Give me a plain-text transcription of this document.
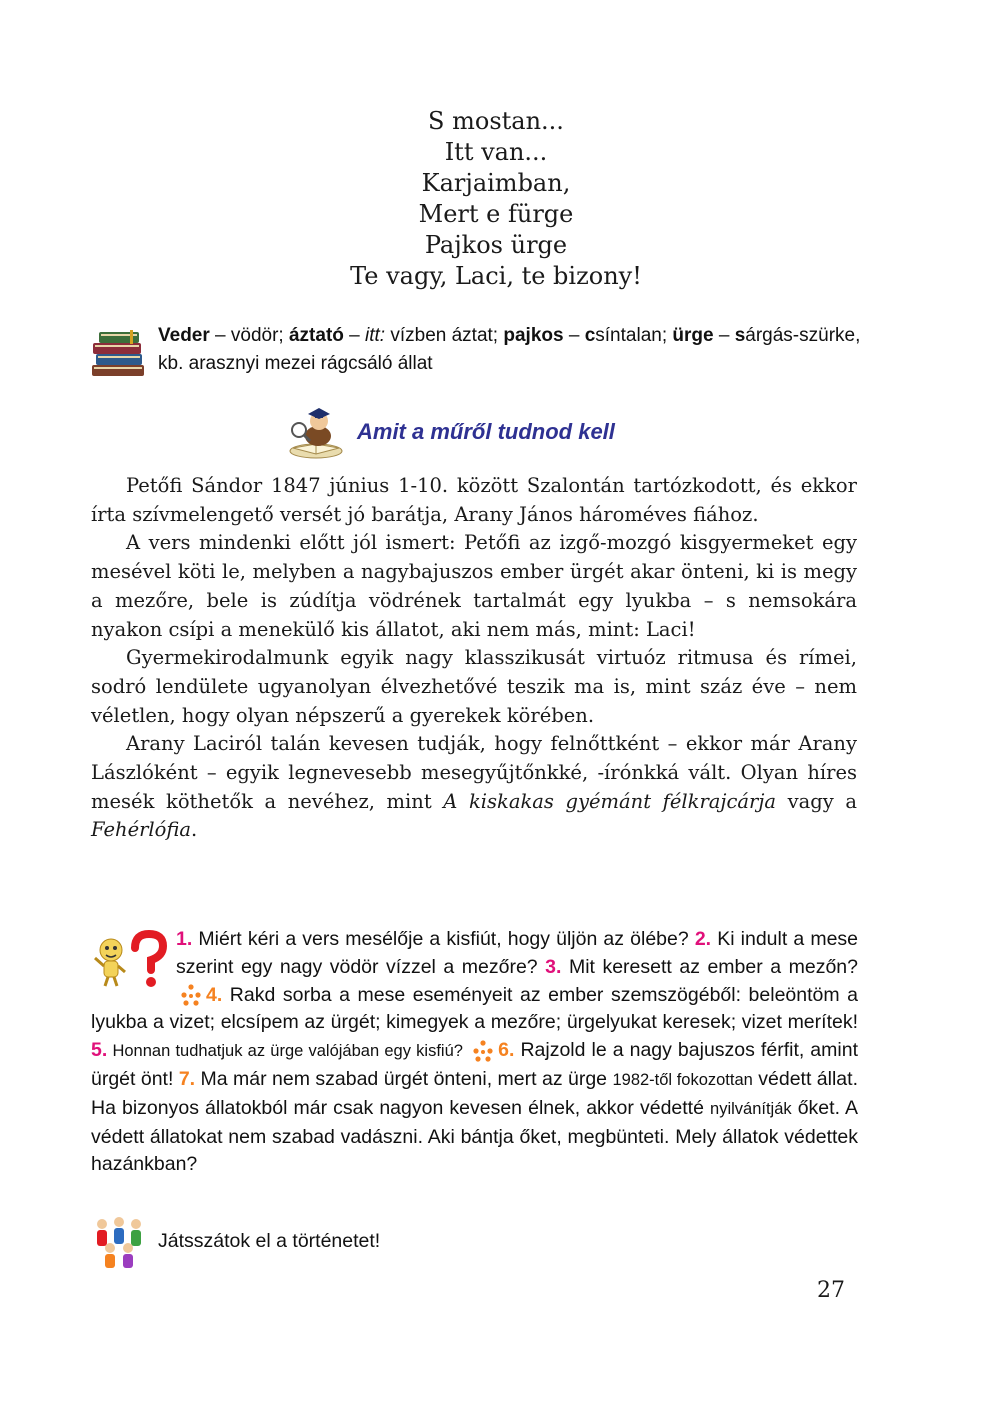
S mostan...
Itt van...
Karjaimban,
Mert e fürge
Pajkos ürge
Te vagy, Laci, te bizony!
Veder – vödör; áztató – itt: vízben áztat; pajkos – csíntalan; ürge – sárgás-szürke, kb. arasznyi mezei rágcsáló állat
Amit a műről tudnod kell

Petőfi Sándor 1847 június 1-10. között Szalontán tartózkodott, és ekkor írta szívmelengető versét jó barátja, Arany János hároméves fiához.

A vers mindenki előtt jól ismert: Petőfi az izgő-mozgó kisgyermeket egy mesével köti le, melyben a nagybajuszos ember ürgét akar önteni, ki is megy a mezőre, bele is zúdítja vödrének tartalmát egy lyukba – s nemsokára nyakon csípi a menekülő kis állatot, aki nem más, mint: Laci!

Gyermekirodalmunk egyik nagy klasszikusát virtuóz ritmusa és rímei, sodró lendülete ugyanolyan élvezhetővé teszik ma is, mint száz éve – nem véletlen, hogy olyan népszerű a gyerekek körében.

Arany Laciról talán kevesen tudják, hogy felnőttként – ekkor már Arany Lászlóként – egyik legnevesebb mesegyűjtőnkké, -írónkká vált. Olyan híres mesék köthetők a nevéhez, mint A kiskakas gyémánt félkrajcárja vagy a Fehérlófia.

1. Miért kéri a vers mesélője a kisfiút, hogy üljön az ölébe? 2. Ki indult a mese szerint egy nagy vödör vízzel a mezőre? 3. Mit keresett az ember a mezőn? 4. Rakd sorba a mese eseményeit az ember szemszögéből: beleöntöm a lyukba a vizet; elcsípem az ürgét; kimegyek a mezőre; ürgelyukat keresek; vizet merítek! 5. Honnan tudhatjuk az ürge valójában egy kisfiú? 6. Rajzold le a nagy bajuszos férfit, amint ürgét önt! 7. Ma már nem szabad ürgét önteni, mert az ürge 1982-től fokozottan védett állat. Ha bizonyos állatokból már csak nagyon kevesen élnek, akkor védetté nyilvánítják őket. A védett állatokat nem szabad vadászni. Aki bántja őket, megbünteti. Mely állatok védettek hazánkban?
Játsszátok el a történetet!
27
